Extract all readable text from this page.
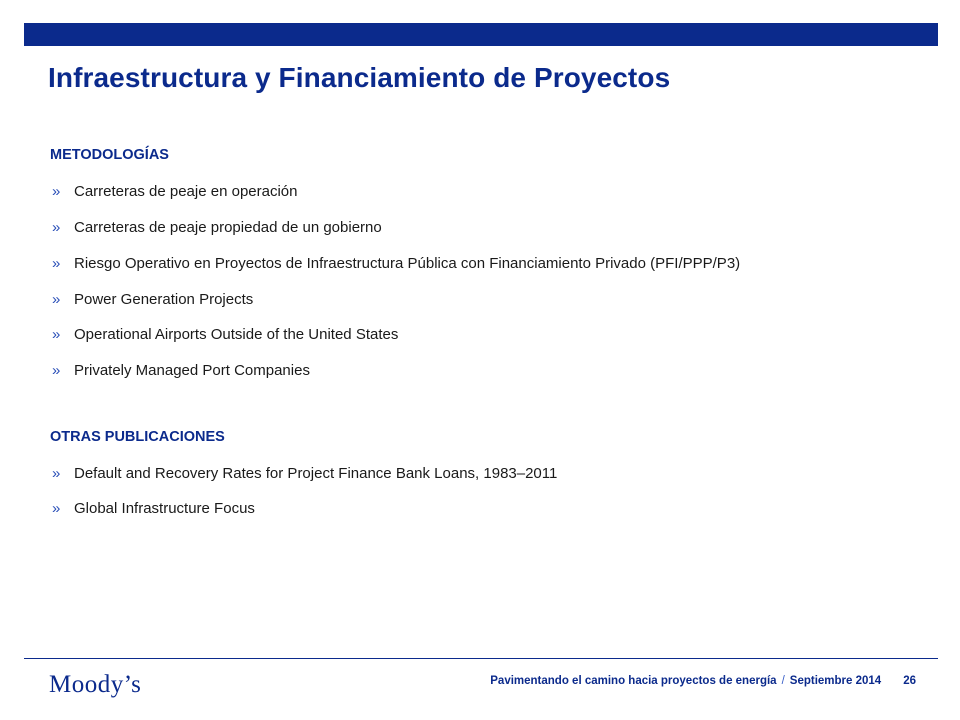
Infraestructura y Financiamiento de Proyectos
METODOLOGÍAS
» Carreteras de peaje en operación
» Carreteras de peaje propiedad de un gobierno
» Riesgo Operativo en Proyectos de Infraestructura Pública con Financiamiento Privado (PFI/PPP/P3)
» Power Generation Projects
» Operational Airports Outside of the United States
» Privately Managed Port Companies
OTRAS PUBLICACIONES
» Default and Recovery Rates for Project Finance Bank Loans, 1983–2011
» Global Infrastructure Focus
Moody’s	Pavimentando el camino hacia proyectos de energía / Septiembre 2014 26
